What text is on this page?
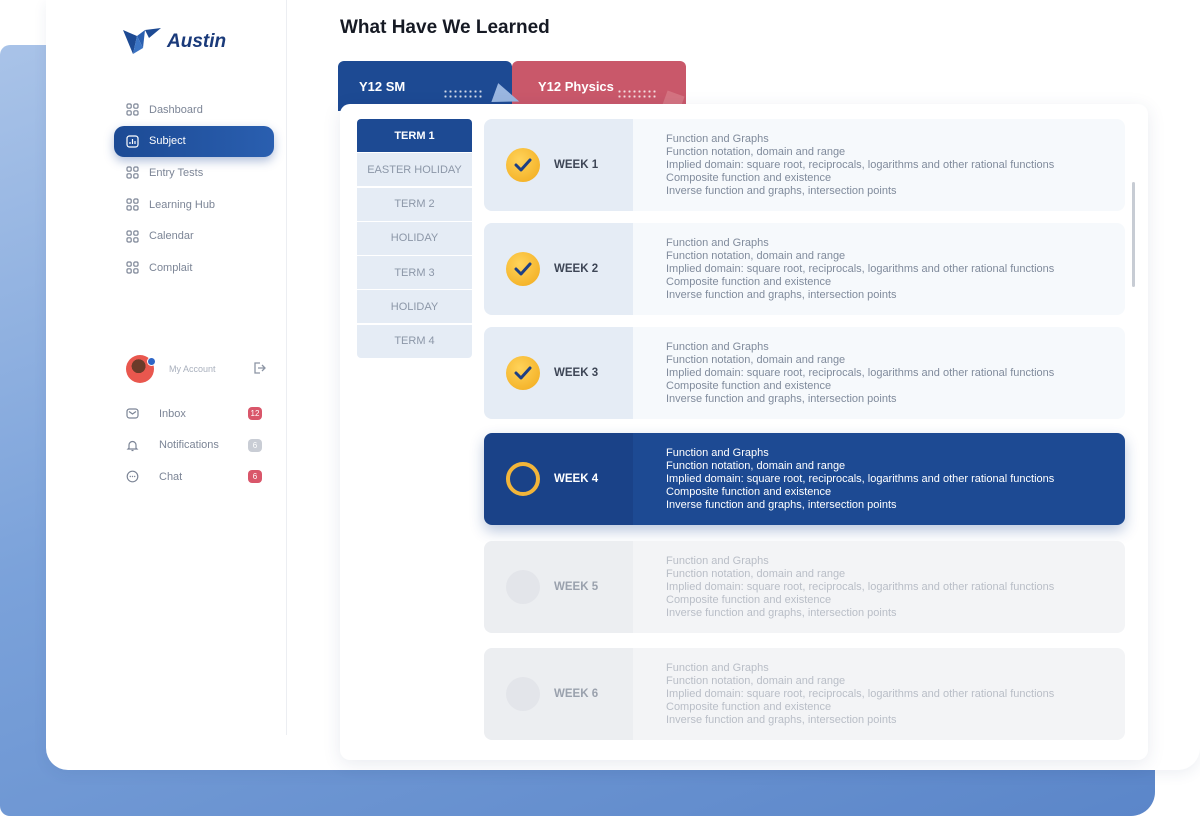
Austin
Dashboard
Subject
Entry Tests
Learning Hub
Calendar
Complait
My Account
Inbox	12
Notifications	6
Chat	6
What Have We Learned
Y12 SM	Y12 Physics
TERM 1
EASTER HOLIDAY
TERM 2
HOLIDAY
TERM 3
HOLIDAY
TERM 4
WEEK 1
Function and Graphs
Function notation, domain and range
Implied domain: square root, reciprocals, logarithms and other rational functions
Composite function and existence
Inverse function and graphs, intersection points
WEEK 2
Function and Graphs
Function notation, domain and range
Implied domain: square root, reciprocals, logarithms and other rational functions
Composite function and existence
Inverse function and graphs, intersection points
WEEK 3
Function and Graphs
Function notation, domain and range
Implied domain: square root, reciprocals, logarithms and other rational functions
Composite function and existence
Inverse function and graphs, intersection points
WEEK 4
Function and Graphs
Function notation, domain and range
Implied domain: square root, reciprocals, logarithms and other rational functions
Composite function and existence
Inverse function and graphs, intersection points
WEEK 5
Function and Graphs
Function notation, domain and range
Implied domain: square root, reciprocals, logarithms and other rational functions
Composite function and existence
Inverse function and graphs, intersection points
WEEK 6
Function and Graphs
Function notation, domain and range
Implied domain: square root, reciprocals, logarithms and other rational functions
Composite function and existence
Inverse function and graphs, intersection points
